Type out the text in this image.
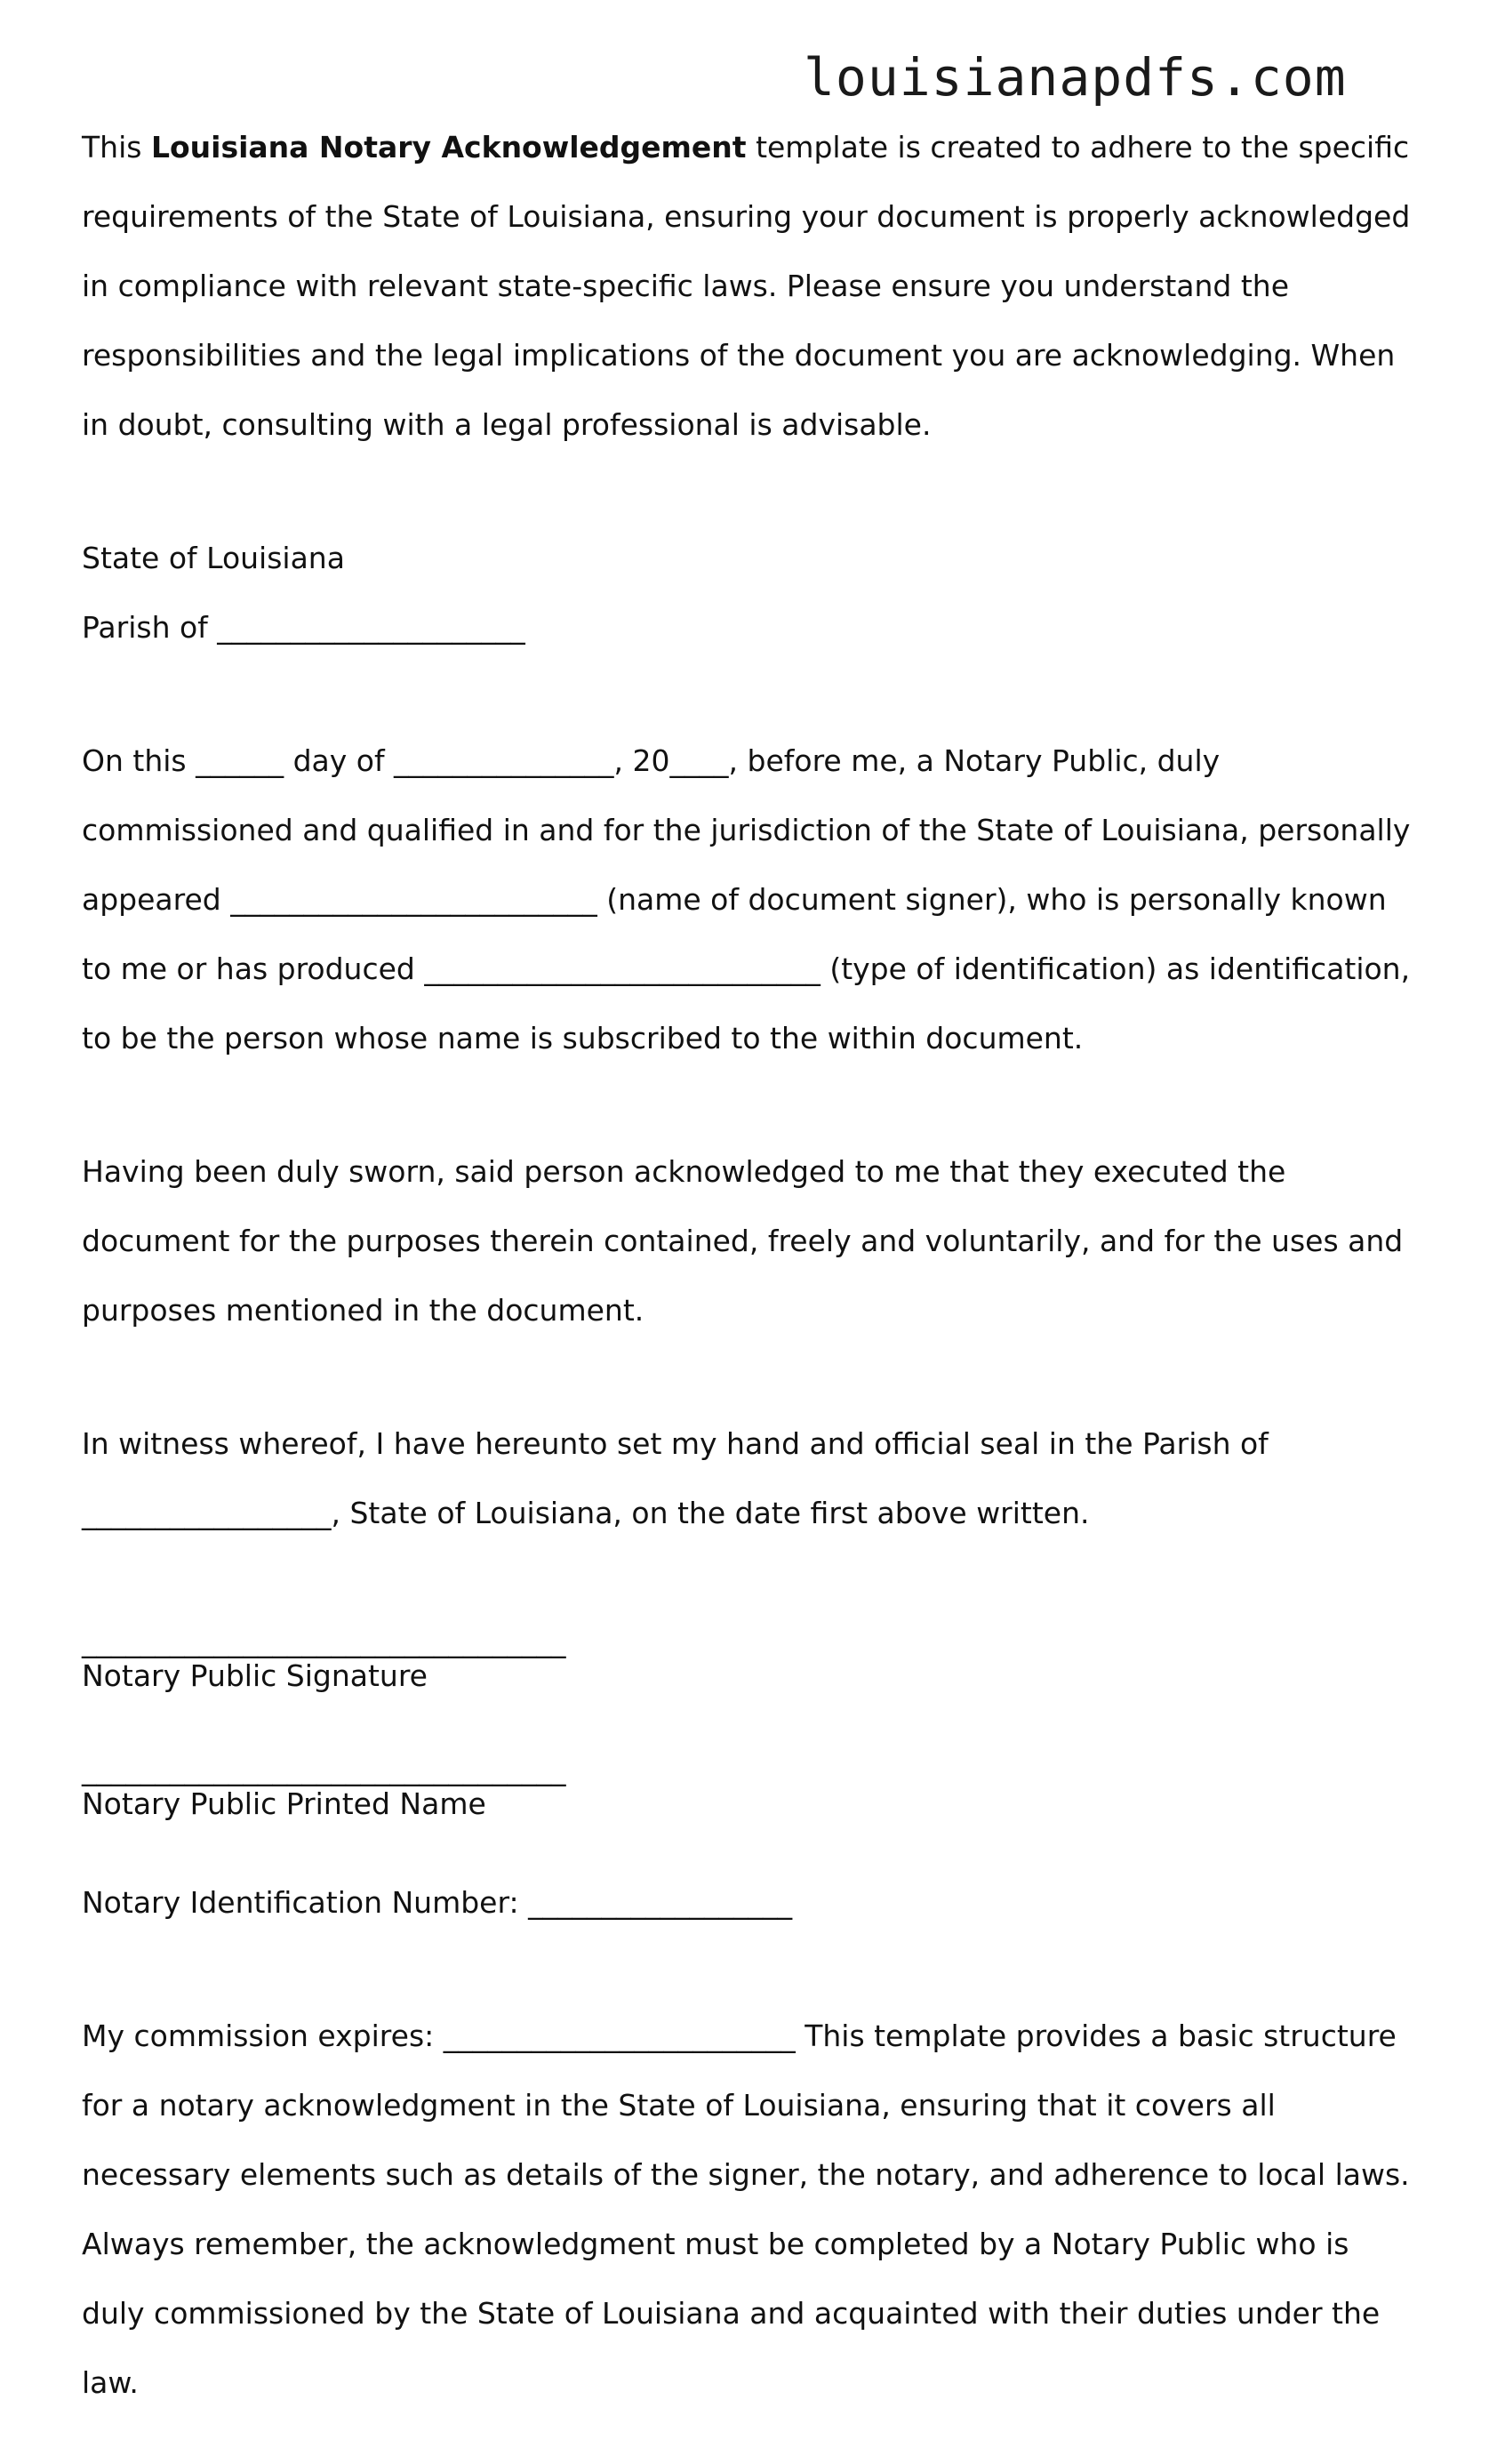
louisianapdfs.com

This Louisiana Notary Acknowledgement template is created to adhere to the specific

requirements of the State of Louisiana, ensuring your document is properly acknowledged

in compliance with relevant state-specific laws. Please ensure you understand the

responsibilities and the legal implications of the document you are acknowledging. When

in doubt, consulting with a legal professional is advisable.

State of Louisiana

Parish of _____________________

On this ______ day of _______________, 20____, before me, a Notary Public, duly

commissioned and qualified in and for the jurisdiction of the State of Louisiana, personally

appeared _________________________ (name of document signer), who is personally known

to me or has produced ___________________________ (type of identification) as identification,

to be the person whose name is subscribed to the within document.

Having been duly sworn, said person acknowledged to me that they executed the

document for the purposes therein contained, freely and voluntarily, and for the uses and

purposes mentioned in the document.

In witness whereof, I have hereunto set my hand and official seal in the Parish of

_________________, State of Louisiana, on the date first above written.

_________________________________
Notary Public Signature
_________________________________
Notary Public Printed Name

Notary Identification Number: __________________

My commission expires: ________________________ This template provides a basic structure

for a notary acknowledgment in the State of Louisiana, ensuring that it covers all

necessary elements such as details of the signer, the notary, and adherence to local laws.

Always remember, the acknowledgment must be completed by a Notary Public who is

duly commissioned by the State of Louisiana and acquainted with their duties under the

law.
